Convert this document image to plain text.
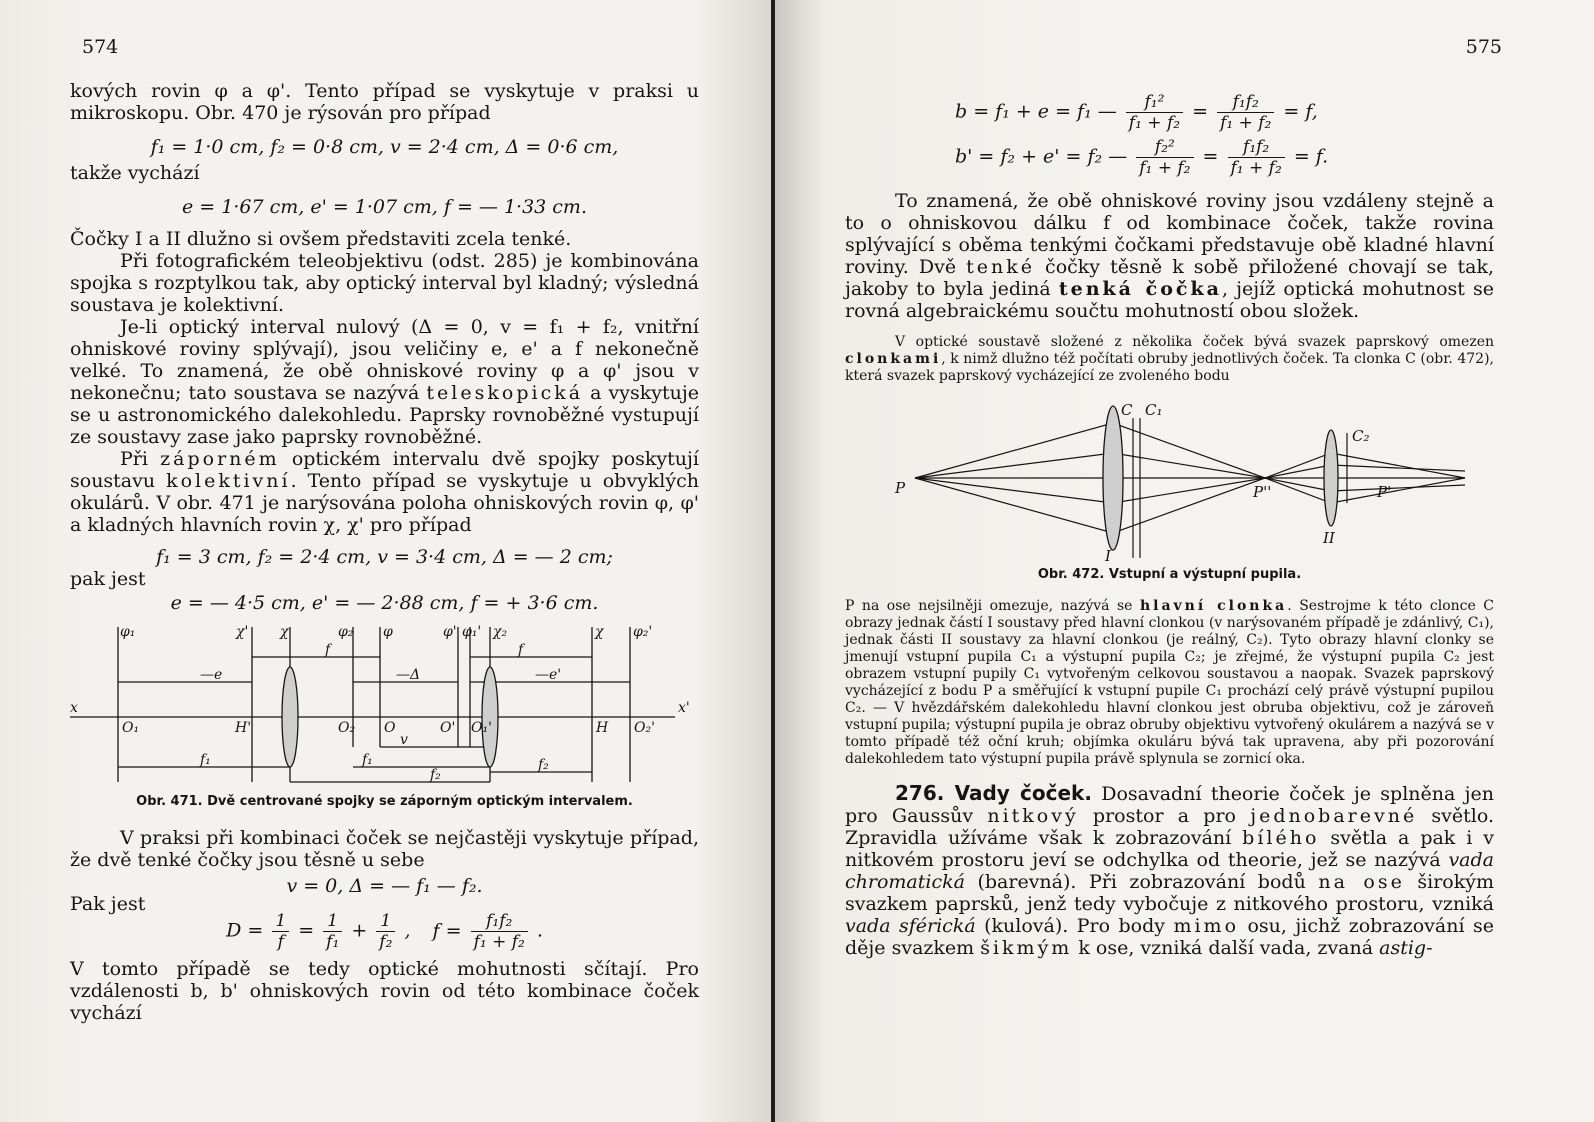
574

kových rovin φ a φ'. Tento případ se vyskytuje v praksi u mikroskopu. Obr. 470 je rýsován pro případ

f₁ = 1·0 cm, f₂ = 0·8 cm, v = 2·4 cm, Δ = 0·6 cm,

takže vychází

e = 1·67 cm, e' = 1·07 cm, f = — 1·33 cm.

Čočky I a II dlužno si ovšem představiti zcela tenké.

Při fotografickém teleobjektivu (odst. 285) je kombinována spojka s rozptylkou tak, aby optický interval byl kladný; výsledná soustava je kolektivní.

Je-li optický interval nulový (Δ = 0, v = f₁ + f₂, vnitřní ohniskové roviny splývají), jsou veličiny e, e' a f nekonečně velké. To znamená, že obě ohniskové roviny φ a φ' jsou v nekonečnu; tato soustava se nazývá teleskopická a vyskytuje se u astronomického dalekohledu. Paprsky rovnoběžné vystupují ze soustavy zase jako paprsky rovnoběžné.

Při záporném optickém intervalu dvě spojky poskytují soustavu kolektivní. Tento případ se vyskytuje u obvyklých okulárů. V obr. 471 je narýsována poloha ohniskových rovin φ, φ' a kladných hlavních rovin χ, χ' pro případ

f₁ = 3 cm, f₂ = 2·4 cm, v = 3·4 cm, Δ = — 2 cm;

pak jest

e = — 4·5 cm, e' = — 2·88 cm, f = + 3·6 cm.

φ₁	χ' χ	φ₂ φ	φ' φ₁' χ₂	χ φ₂'
f
—e	—Δ	—e'
f
x	x'
O₁	H'	O₂ O	O' O₁'	H O₂'
v
f₁	f₁
f₂
f₂
Obr. 471. Dvě centrované spojky se záporným optickým intervalem.

V praksi při kombinaci čoček se nejčastěji vyskytuje případ, že dvě tenké čočky jsou těsně u sebe

v = 0, Δ = — f₁ — f₂.

Pak jest

$D = \frac{1}{f} = \frac{1}{\text{f₁}} + \frac{1}{\text{f₂}}$ , $f = \frac{\text{f₁f₂}}{\text{f₁ + f₂}}$ .

V tomto případě se tedy optické mohutnosti sčítají. Pro vzdálenosti b, b' ohniskových rovin od této kombinace čoček vychází

575
b = f₁ + e = f₁ — $\frac{\text{f₁²}}{\text{f₁ + f₂}} = \frac{\text{f₁f₂}}{\text{f₁ + f₂}} = f$,
b' = f₂ + e' = f₂ — $\frac{\text{f₂²}}{\text{f₁ + f₂}} = \frac{\text{f₁f₂}}{\text{f₁ + f₂}} = f$.

To znamená, že obě ohniskové roviny jsou vzdáleny stejně a to o ohniskovou dálku f od kombinace čoček, takže rovina splývající s oběma tenkými čočkami představuje obě kladné hlavní roviny. Dvě tenké čočky těsně k sobě přiložené chovají se tak, jakoby to byla jediná tenká čočka, jejíž optická mohutnost se rovná algebraickému součtu mohutností obou složek.

V optické soustavě složené z několika čoček bývá svazek paprskový omezen clonkami, k nimž dlužno též počítati obruby jednotlivých čoček. Ta clonka C (obr. 472), která svazek paprskový vycházející ze zvoleného bodu

C C₁
C₂
P	P''	P'
I
II
Obr. 472. Vstupní a výstupní pupila.

P na ose nejsilněji omezuje, nazývá se hlavní clonka. Sestrojme k této clonce C obrazy jednak částí I soustavy před hlavní clonkou (v narýsovaném případě je zdánlivý, C₁), jednak části II soustavy za hlavní clonkou (je reálný, C₂). Tyto obrazy hlavní clonky se jmenují vstupní pupila C₁ a výstupní pupila C₂; je zřejmé, že výstupní pupila C₂ jest obrazem vstupní pupily C₁ vytvořeným celkovou soustavou a naopak. Svazek paprskový vycházející z bodu P a směřující k vstupní pupile C₁ prochází celý právě výstupní pupilou C₂. — V hvězdářském dalekohledu hlavní clonkou jest obruba objektivu, což je zároveň vstupní pupila; výstupní pupila je obraz obruby objektivu vytvořený okulárem a nazývá se v tomto případě též oční kruh; objímka okuláru bývá tak upravena, aby při pozorování dalekohledem tato výstupní pupila právě splynula se zornicí oka.

276. Vady čoček. Dosavadní theorie čoček je splněna jen pro Gaussův nitkový prostor a pro jednobarevné světlo. Zpravidla užíváme však k zobrazování bílého světla a pak i v nitkovém prostoru jeví se odchylka od theorie, jež se nazývá vada chromatická (barevná). Při zobrazování bodů na ose širokým svazkem paprsků, jenž tedy vybočuje z nitkového prostoru, vzniká vada sférická (kulová). Pro body mimo osu, jichž zobrazování se děje svazkem šikmým k ose, vzniká další vada, zvaná astig-
